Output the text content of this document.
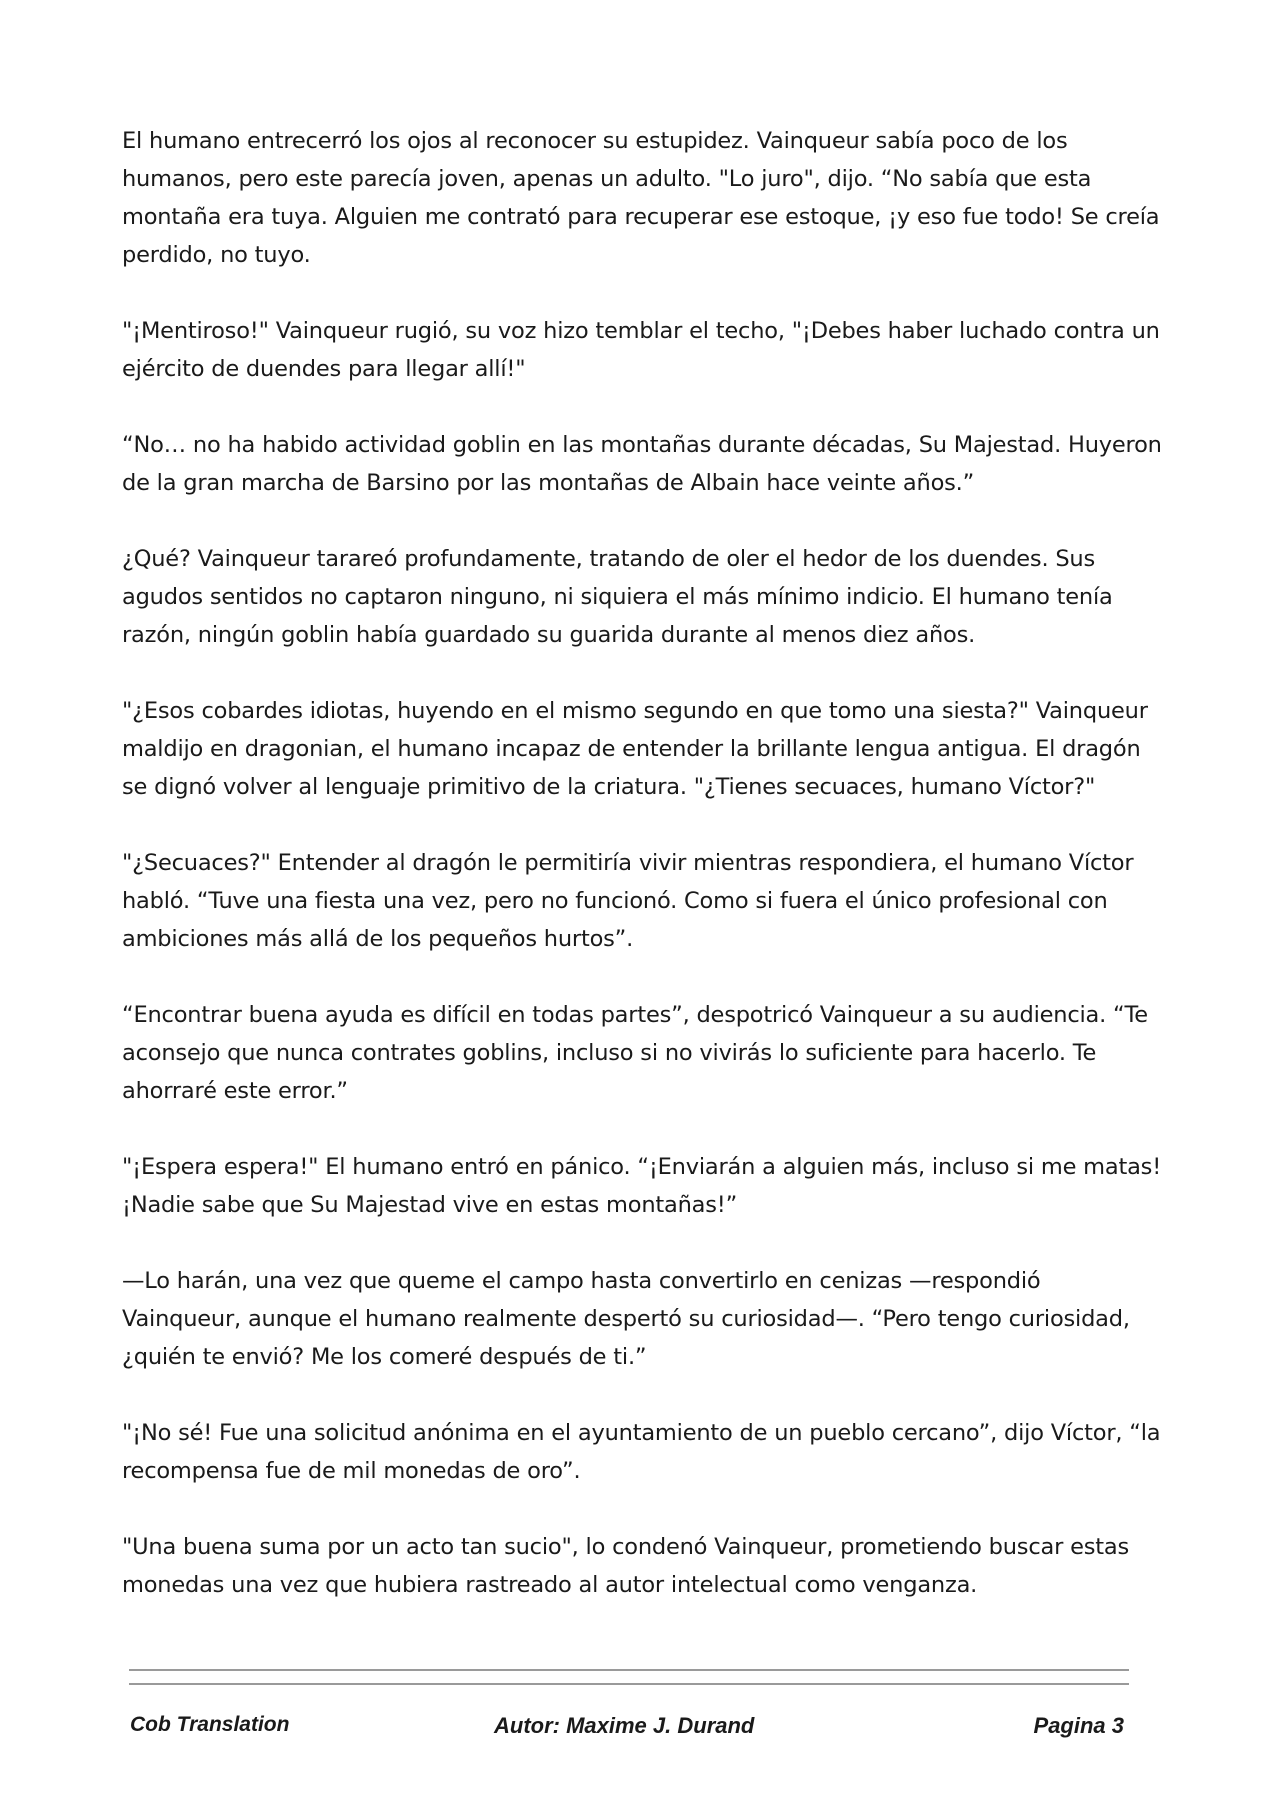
El humano entrecerró los ojos al reconocer su estupidez. Vainqueur sabía poco de los humanos, pero este parecía joven, apenas un adulto. "Lo juro", dijo. “No sabía que esta montaña era tuya. Alguien me contrató para recuperar ese estoque, ¡y eso fue todo! Se creía perdido, no tuyo.

"¡Mentiroso!" Vainqueur rugió, su voz hizo temblar el techo, "¡Debes haber luchado contra un ejército de duendes para llegar allí!"

“No… no ha habido actividad goblin en las montañas durante décadas, Su Majestad. Huyeron de la gran marcha de Barsino por las montañas de Albain hace veinte años.”

¿Qué? Vainqueur tarareó profundamente, tratando de oler el hedor de los duendes. Sus agudos sentidos no captaron ninguno, ni siquiera el más mínimo indicio. El humano tenía razón, ningún goblin había guardado su guarida durante al menos diez años.

"¿Esos cobardes idiotas, huyendo en el mismo segundo en que tomo una siesta?" Vainqueur maldijo en dragonian, el humano incapaz de entender la brillante lengua antigua. El dragón se dignó volver al lenguaje primitivo de la criatura. "¿Tienes secuaces, humano Víctor?"

"¿Secuaces?" Entender al dragón le permitiría vivir mientras respondiera, el humano Víctor habló. “Tuve una fiesta una vez, pero no funcionó. Como si fuera el único profesional con ambiciones más allá de los pequeños hurtos”.

“Encontrar buena ayuda es difícil en todas partes”, despotricó Vainqueur a su audiencia. “Te aconsejo que nunca contrates goblins, incluso si no vivirás lo suficiente para hacerlo. Te ahorraré este error.”

"¡Espera espera!" El humano entró en pánico. “¡Enviarán a alguien más, incluso si me matas! ¡Nadie sabe que Su Majestad vive en estas montañas!”

—Lo harán, una vez que queme el campo hasta convertirlo en cenizas —respondió Vainqueur, aunque el humano realmente despertó su curiosidad—. “Pero tengo curiosidad, ¿quién te envió? Me los comeré después de ti.”

"¡No sé! Fue una solicitud anónima en el ayuntamiento de un pueblo cercano”, dijo Víctor, “la recompensa fue de mil monedas de oro”.

"Una buena suma por un acto tan sucio", lo condenó Vainqueur, prometiendo buscar estas monedas una vez que hubiera rastreado al autor intelectual como venganza.

Cob Translation	Autor: Maxime J. Durand	Pagina 3
